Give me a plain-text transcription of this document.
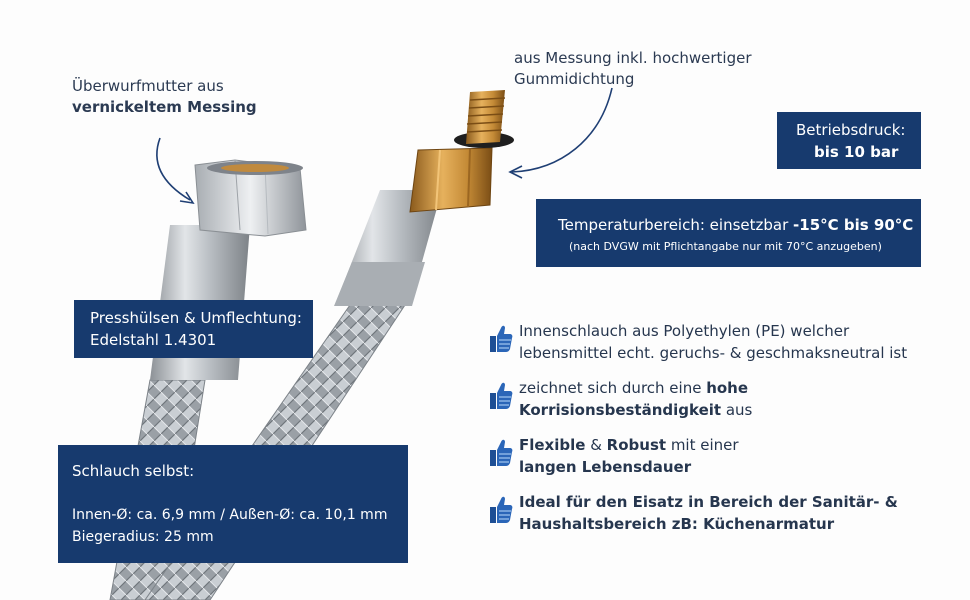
Überwurfmutter aus
vernickeltem Messing
aus Messung inkl. hochwertiger
Gummidichtung
Betriebsdruck:
bis 10 bar
Temperaturbereich: einsetzbar -15°C bis 90°C
(nach DVGW mit Pflichtangabe nur mit 70°C anzugeben)
Presshülsen & Umflechtung:
Edelstahl 1.4301
Schlauch selbst:
Innen-Ø: ca. 6,9 mm / Außen-Ø: ca. 10,1 mm
Biegeradius: 25 mm
Innenschlauch aus Polyethylen (PE) welcher
lebensmittel echt. geruchs- & geschmaksneutral ist
zeichnet sich durch eine hohe
Korrisionsbeständigkeit aus
Flexible & Robust mit einer
langen Lebensdauer
Ideal für den Eisatz in Bereich der Sanitär- &
Haushaltsbereich zB: Küchenarmatur
